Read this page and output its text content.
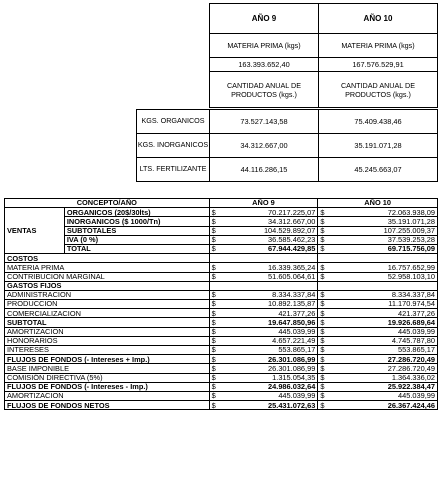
AÑO 9	AÑO 10
MATERIA PRIMA (kgs)	MATERIA PRIMA (kgs)
163.393.652,40	167.576.529,91
CANTIDAD ANUAL DE PRODUCTOS (kgs.)	CANTIDAD ANUAL DE PRODUCTOS (kgs.)
KGS. ORGANICOS	73.527.143,58	75.409.438,46
KGS. INORGANICOS	34.312.667,00	35.191.071,28
LTS. FERTILIZANTE	44.116.286,15	45.245.663,07
CONCEPTO/AÑO		AÑO 9		AÑO 10	
VENTAS	ORGANICOS (20$/30lts)	$	70.217.225,07	$	72.063.938,09
	INORGANICOS ($ 1000/Tn)	$	34.312.667,00	$	35.191.071,28
	SUBTOTALES	$	104.529.892,07	$	107.255.009,37
	IVA (0 %)	$	36.585.462,23	$	37.539.253,28
	TOTAL	$	67.944.429,85	$	69.715.756,09
COSTOS					
MATERIA PRIMA		$	16.339.365,24	$	16.757.652,99
CONTRIBUCION MARGINAL		$	51.605.064,61	$	52.958.103,10
GASTOS FIJOS					
ADMINISTRACION		$	8.334.337,84	$	8.334.337,84
PRODUCCION		$	10.892.135,87	$	11.170.974,54
COMERCIALIZACION		$	421.377,26	$	421.377,26
SUBTOTAL		$	19.647.850,96	$	19.926.689,64
AMORTIZACION		$	445.039,99	$	445.039,99
HONORARIOS		$	4.657.221,49	$	4.745.787,80
INTERESES		$	553.865,17	$	553.865,17
FLUJOS DE FONDOS (- Intereses + Imp.)		$	26.301.086,99	$	27.286.720,49
BASE IMPONIBLE		$	26.301.086,99	$	27.286.720,49
COMISIÓN DIRECTIVA (5%)		$	1.315.054,35	$	1.364.336,02
FLUJOS DE FONDOS (- Intereses - Imp.)		$	24.986.032,64	$	25.922.384,47
AMORTIZACION		$	445.039,99	$	445.039,99
FLUJOS DE FONDOS NETOS		$	25.431.072,63	$	26.367.424,46
